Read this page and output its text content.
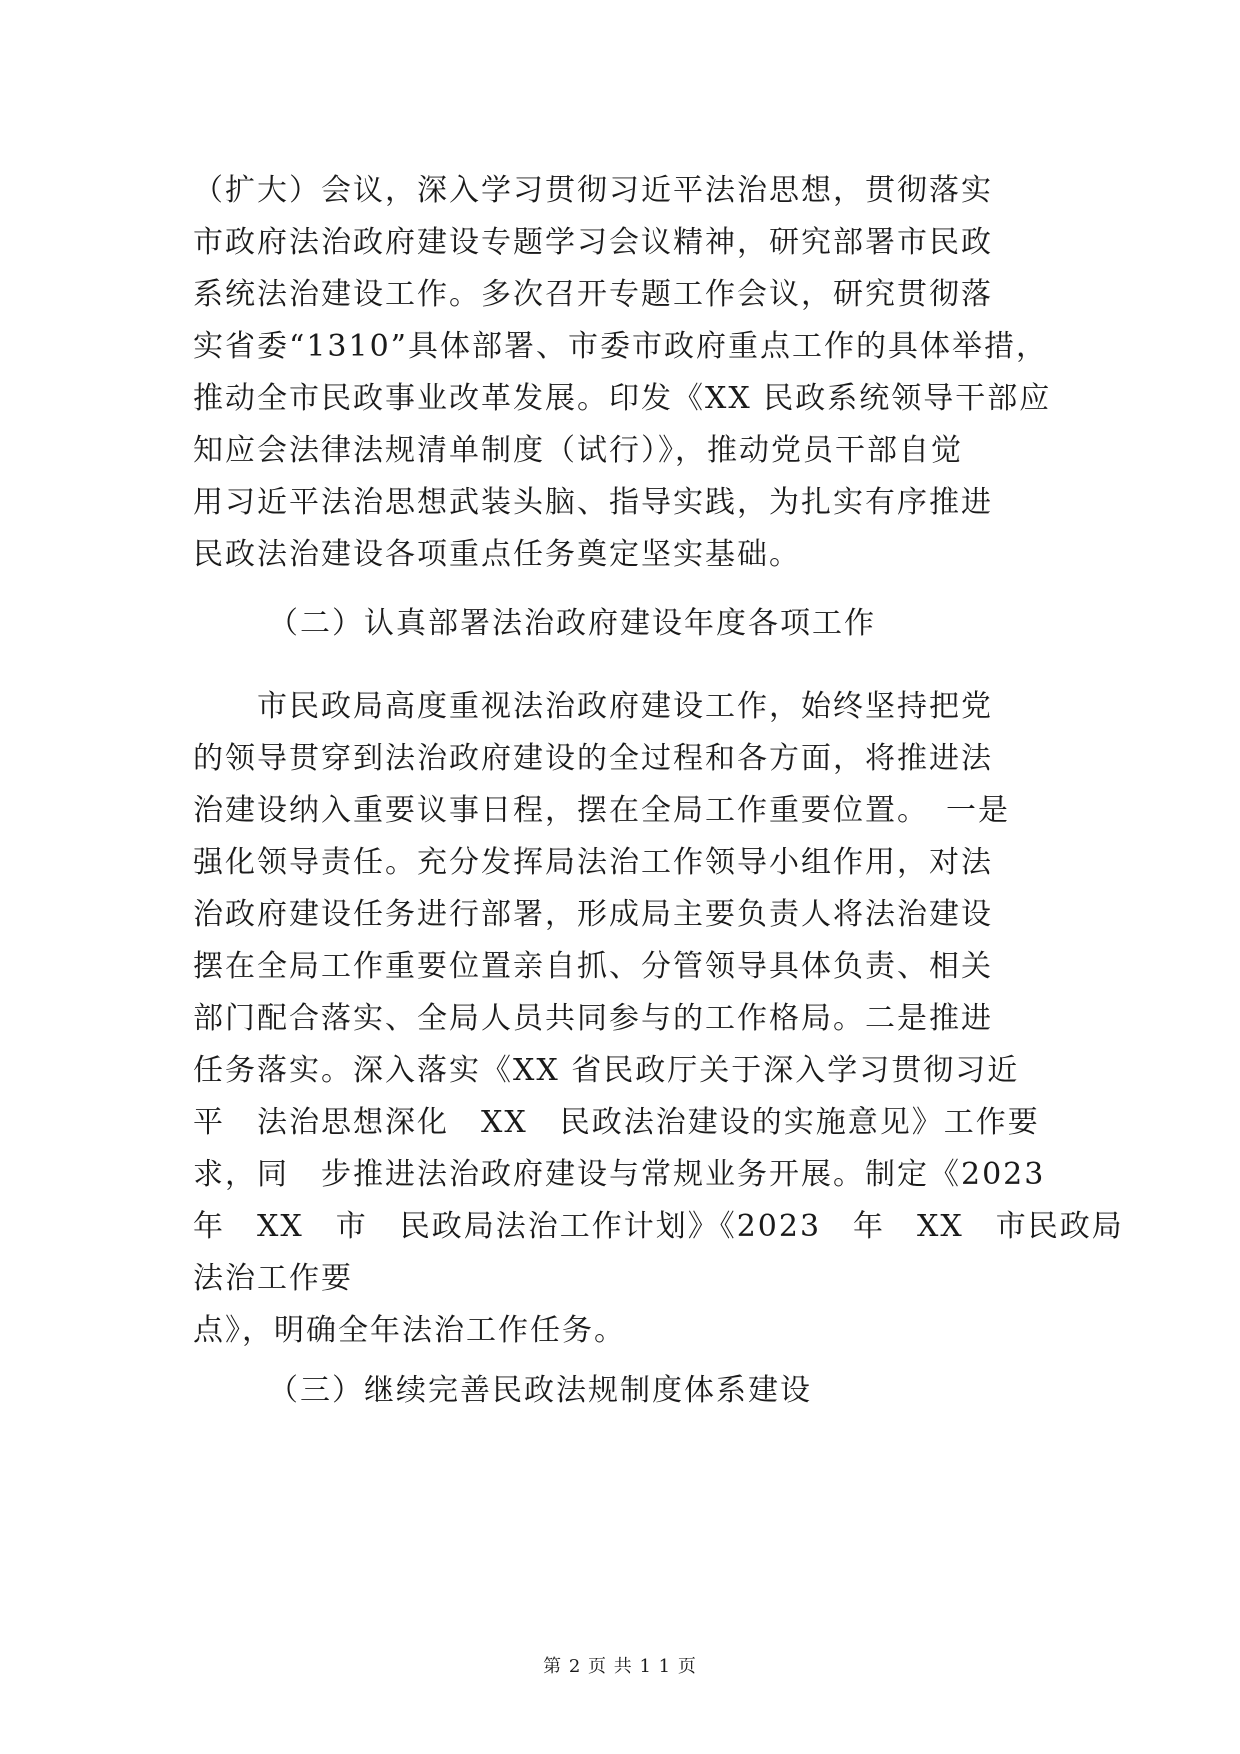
（扩大）会议，深入学习贯彻习近平法治思想，贯彻落实
市政府法治政府建设专题学习会议精神，研究部署市民政
系统法治建设工作。多次召开专题工作会议，研究贯彻落
实省委“1310”具体部署、市委市政府重点工作的具体举措，
推动全市民政事业改革发展。印发《XX 民政系统领导干部应
知应会法律法规清单制度（试行）》，推动党员干部自觉
用习近平法治思想武装头脑、指导实践，为扎实有序推进
民政法治建设各项重点任务奠定坚实基础。
（二）认真部署法治政府建设年度各项工作
　　市民政局高度重视法治政府建设工作，始终坚持把党
的领导贯穿到法治政府建设的全过程和各方面，将推进法
治建设纳入重要议事日程，摆在全局工作重要位置。　一是
强化领导责任。充分发挥局法治工作领导小组作用，对法
治政府建设任务进行部署，形成局主要负责人将法治建设
摆在全局工作重要位置亲自抓、分管领导具体负责、相关
部门配合落实、全局人员共同参与的工作格局。二是推进
任务落实。深入落实《XX 省民政厅关于深入学习贯彻习近
平　法治思想深化　XX　民政法治建设的实施意见》工作要
求，同　步推进法治政府建设与常规业务开展。制定《2023
年　XX　市　民政局法治工作计划》《2023　年　XX　市民政局
法治工作要
点》，明确全年法治工作任务。
（三）继续完善民政法规制度体系建设
第 2 页 共 1 1 页
